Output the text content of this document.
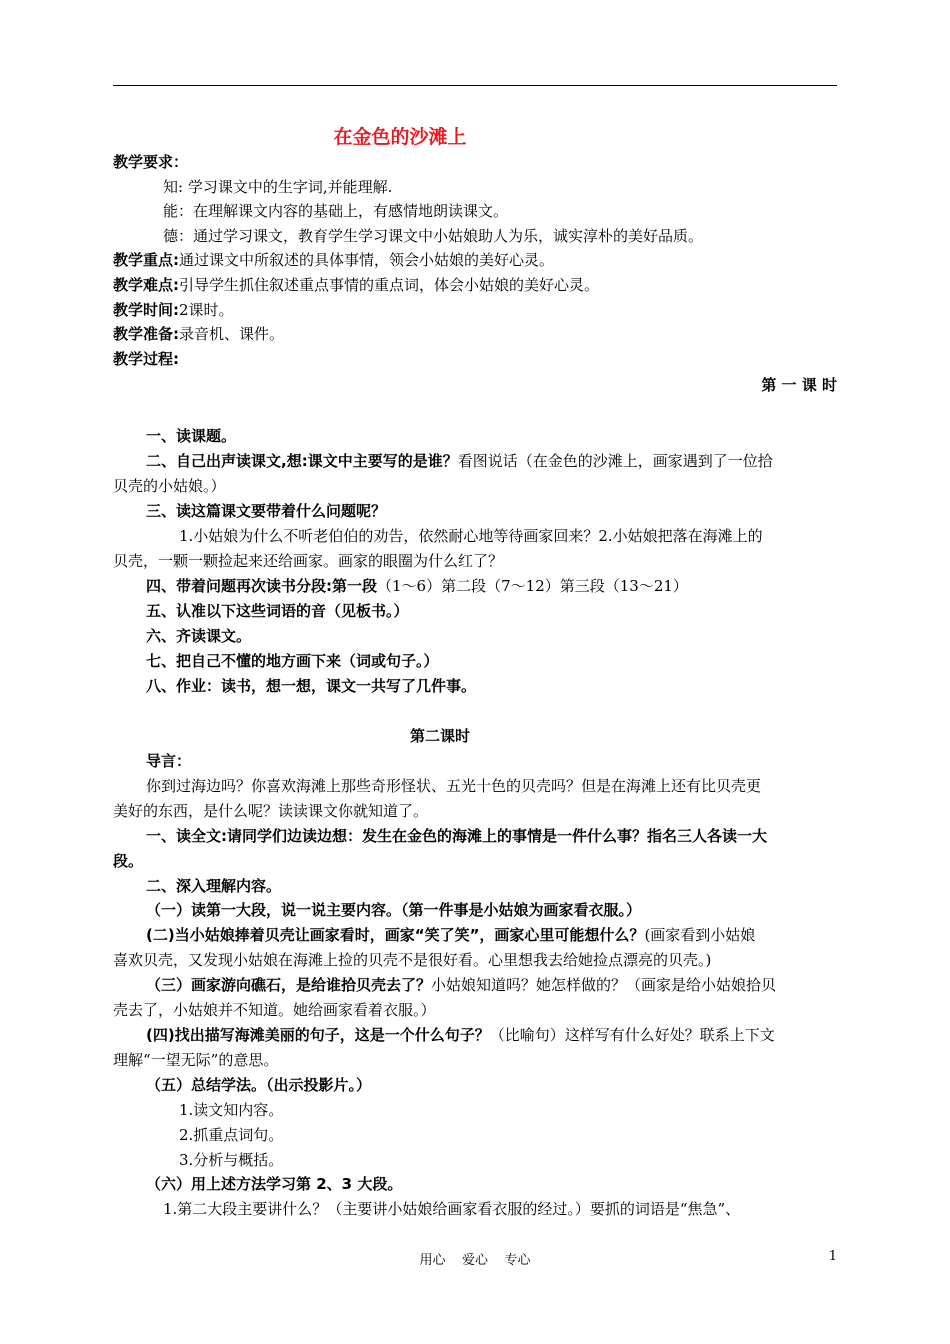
在金色的沙滩上
教学要求：
知: 学习课文中的生字词,并能理解.
能：在理解课文内容的基础上，有感情地朗读课文。
德：通过学习课文，教育学生学习课文中小姑娘助人为乐，诚实淳朴的美好品质。
教学重点:通过课文中所叙述的具体事情，领会小姑娘的美好心灵。
教学难点:引导学生抓住叙述重点事情的重点词，体会小姑娘的美好心灵。
教学时间:2课时。
教学准备:录音机、课件。
教学过程:
第 一 课 时
一、读课题。
二、自己出声读课文,想:课文中主要写的是谁？看图说话（在金色的沙滩上，画家遇到了一位拾
贝壳的小姑娘。）
三、读这篇课文要带着什么问题呢？
1.小姑娘为什么不听老伯伯的劝告，依然耐心地等待画家回来？2.小姑娘把落在海滩上的
贝壳，一颗一颗捡起来还给画家。画家的眼圈为什么红了？
四、带着问题再次读书分段:第一段（1～6）第二段（7～12）第三段（13～21）
五、认准以下这些词语的音（见板书。）
六、齐读课文。
七、把自己不懂的地方画下来（词或句子。）
八、作业：读书，想一想，课文一共写了几件事。
第二课时
导言：
你到过海边吗？你喜欢海滩上那些奇形怪状、五光十色的贝壳吗？但是在海滩上还有比贝壳更
美好的东西，是什么呢？读读课文你就知道了。
一、读全文:请同学们边读边想：发生在金色的海滩上的事情是一件什么事？指名三人各读一大
段。
二、深入理解内容。
（一）读第一大段，说一说主要内容。（第一件事是小姑娘为画家看衣服。）
(二)当小姑娘捧着贝壳让画家看时，画家“笑了笑”，画家心里可能想什么？(画家看到小姑娘
喜欢贝壳，又发现小姑娘在海滩上捡的贝壳不是很好看。心里想我去给她捡点漂亮的贝壳。)
（三）画家游向礁石，是给谁拾贝壳去了？小姑娘知道吗？她怎样做的？（画家是给小姑娘拾贝
壳去了，小姑娘并不知道。她给画家看着衣服。）
(四)找出描写海滩美丽的句子，这是一个什么句子？（比喻句）这样写有什么好处？联系上下文
理解“一望无际”的意思。
（五）总结学法。（出示投影片。）
1.读文知内容。
2.抓重点词句。
3.分析与概括。
（六）用上述方法学习第 2、3 大段。
1.第二大段主要讲什么？（主要讲小姑娘给画家看衣服的经过。）要抓的词语是“焦急”、
用心    爱心    专心	1
